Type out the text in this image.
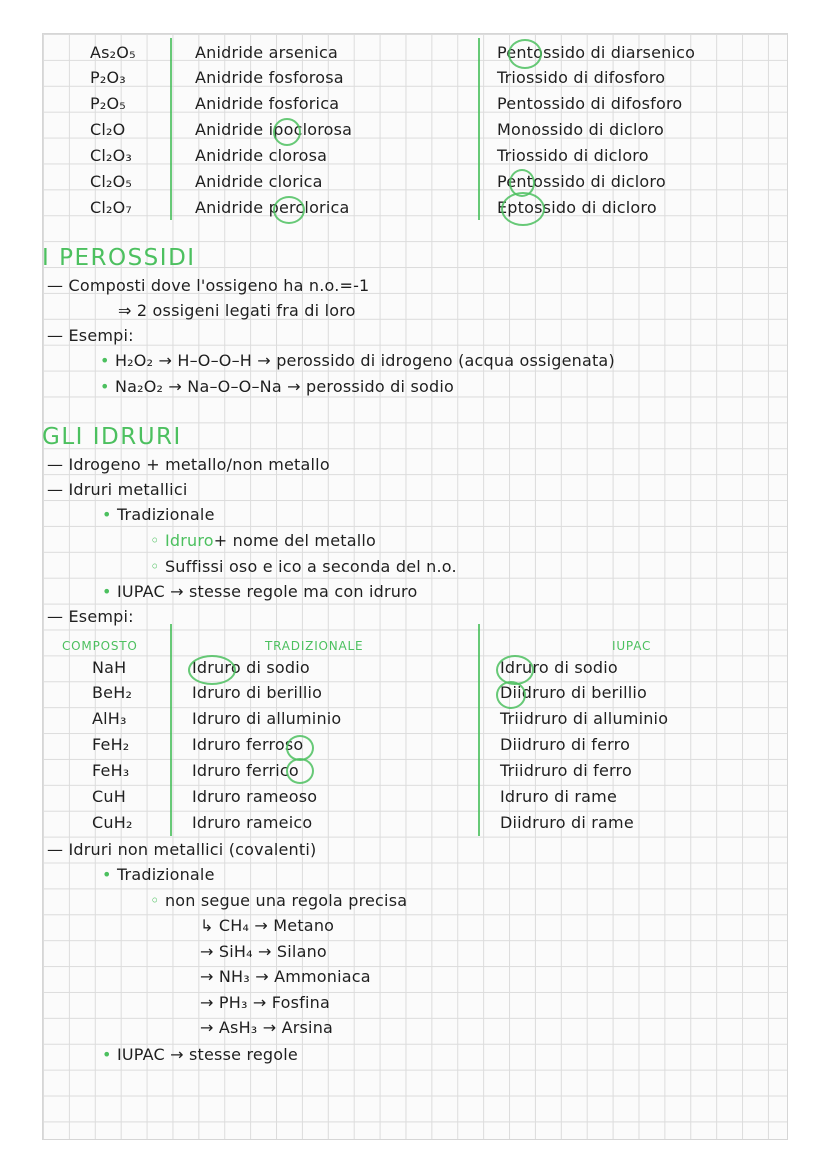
As₂O₅	Anidride arsenica	Pentossido di diarsenico
P₂O₃	Anidride fosforosa	Triossido di difosforo
P₂O₅	Anidride fosforica	Pentossido di difosforo
Cl₂O	Anidride ipoclorosa	Monossido di dicloro
Cl₂O₃	Anidride clorosa	Triossido di dicloro
Cl₂O₅	Anidride clorica	Pentossido di dicloro
Cl₂O₇	Anidride perclorica	Eptossido di dicloro
I PEROSSIDI
— Composti dove l'ossigeno ha n.o.=-1
⇒ 2 ossigeni legati fra di loro
— Esempi:
• H₂O₂ → H–O–O–H → perossido di idrogeno (acqua ossigenata)
• Na₂O₂ → Na–O–O–Na → perossido di sodio
GLI IDRURI
— Idrogeno + metallo/non metallo
— Idruri metallici
• Tradizionale
◦ Idruro+ nome del metallo
◦ Suffissi oso e ico a seconda del n.o.
• IUPAC → stesse regole ma con idruro
— Esempi:
COMPOSTO	TRADIZIONALE	IUPAC
NaH	Idruro di sodio	Idruro di sodio
BeH₂	Idruro di berillio	Diidruro di berillio
AlH₃	Idruro di alluminio	Triidruro di alluminio
FeH₂	Idruro ferroso	Diidruro di ferro
FeH₃	Idruro ferrico	Triidruro di ferro
CuH	Idruro rameoso	Idruro di rame
CuH₂	Idruro rameico	Diidruro di rame
— Idruri non metallici (covalenti)
• Tradizionale
◦ non segue una regola precisa
↳ CH₄ → Metano
→ SiH₄ → Silano
→ NH₃ → Ammoniaca
→ PH₃ → Fosfina
→ AsH₃ → Arsina
• IUPAC → stesse regole
